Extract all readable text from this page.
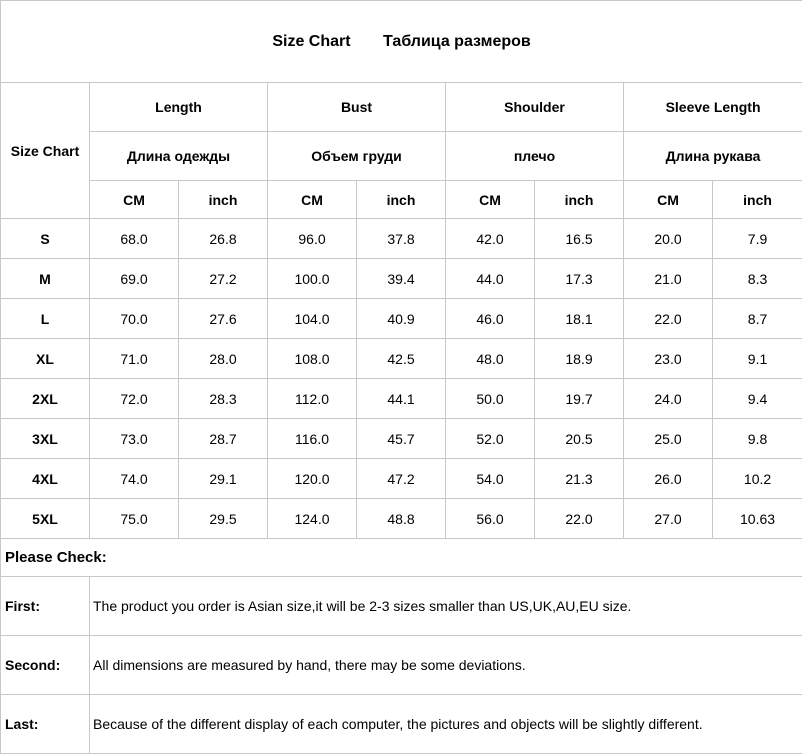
Size Chart Таблица размеров								
Size Chart	Length		Bust		Shoulder		Sleeve Length	
	Длина одежды		Объем груди		плечо		Длина рукава	
	CM	inch	CM	inch	CM	inch	CM	inch
S	68.0	26.8	96.0	37.8	42.0	16.5	20.0	7.9
M	69.0	27.2	100.0	39.4	44.0	17.3	21.0	8.3
L	70.0	27.6	104.0	40.9	46.0	18.1	22.0	8.7
XL	71.0	28.0	108.0	42.5	48.0	18.9	23.0	9.1
2XL	72.0	28.3	112.0	44.1	50.0	19.7	24.0	9.4
3XL	73.0	28.7	116.0	45.7	52.0	20.5	25.0	9.8
4XL	74.0	29.1	120.0	47.2	54.0	21.3	26.0	10.2
5XL	75.0	29.5	124.0	48.8	56.0	22.0	27.0	10.63
Please Check:								
First:	The product you order is Asian size,it will be 2-3 sizes smaller than US,UK,AU,EU size.							
Second:	All dimensions are measured by hand, there may be some deviations.							
Last:	Because of the different display of each computer, the pictures and objects will be slightly different.							
